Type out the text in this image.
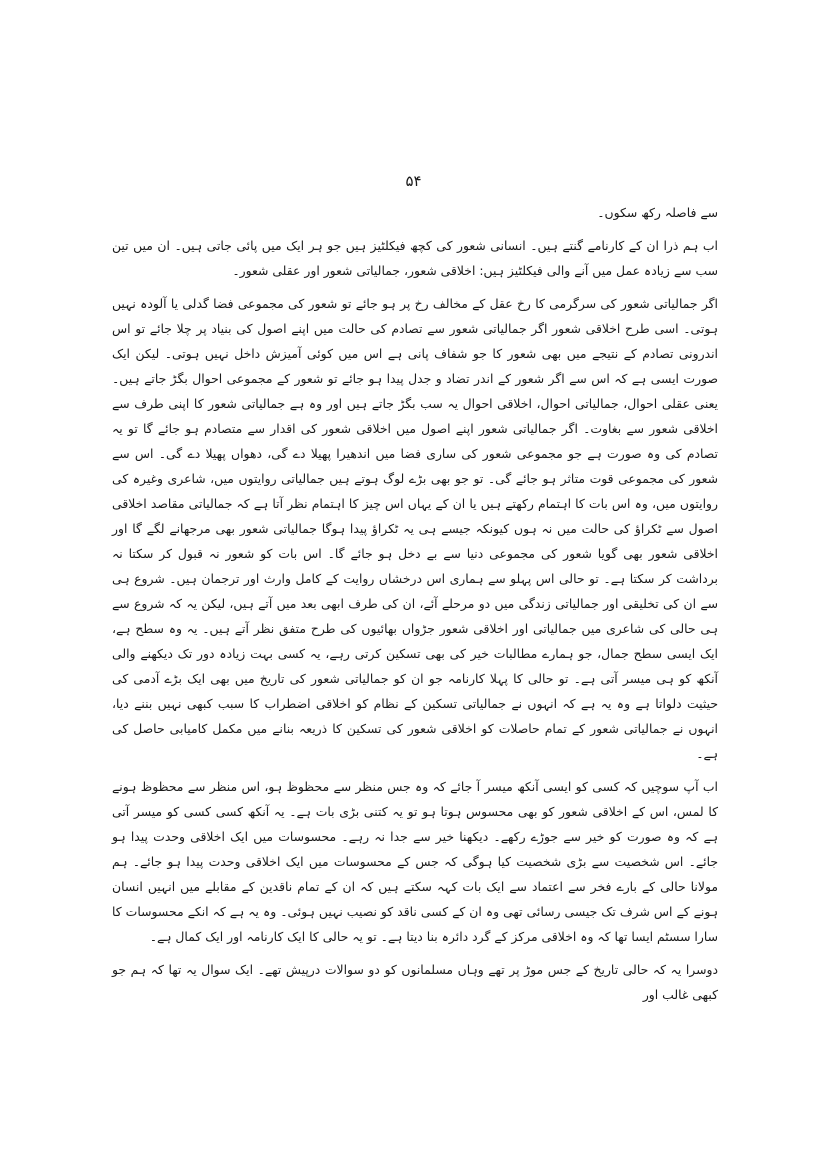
۵۴

سے فاصلہ رکھ سکوں۔

اب ہم ذرا ان کے کارنامے گنتے ہیں۔ انسانی شعور کی کچھ فیکلٹیز ہیں جو ہر ایک میں پائی جاتی ہیں۔ ان میں تین سب سے زیادہ عمل میں آنے والی فیکلٹیز ہیں: اخلاقی شعور، جمالیاتی شعور اور عقلی شعور۔

اگر جمالیاتی شعور کی سرگرمی کا رخ عقل کے مخالف رخ پر ہو جائے تو شعور کی مجموعی فضا گدلی یا آلودہ نہیں ہوتی۔ اسی طرح اخلاقی شعور اگر جمالیاتی شعور سے تصادم کی حالت میں اپنے اصول کی بنیاد پر چلا جائے تو اس اندرونی تصادم کے نتیجے میں بھی شعور کا جو شفاف پانی ہے اس میں کوئی آمیزش داخل نہیں ہوتی۔ لیکن ایک صورت ایسی ہے کہ اس سے اگر شعور کے اندر تضاد و جدل پیدا ہو جائے تو شعور کے مجموعی احوال بگڑ جاتے ہیں۔ یعنی عقلی احوال، جمالیاتی احوال، اخلاقی احوال یہ سب بگڑ جاتے ہیں اور وہ ہے جمالیاتی شعور کا اپنی طرف سے اخلاقی شعور سے بغاوت۔ اگر جمالیاتی شعور اپنے اصول میں اخلاقی شعور کی اقدار سے متصادم ہو جائے گا تو یہ تصادم کی وہ صورت ہے جو مجموعی شعور کی ساری فضا میں اندھیرا پھیلا دے گی، دھواں پھیلا دے گی۔ اس سے شعور کی مجموعی قوت متاثر ہو جائے گی۔ تو جو بھی بڑے لوگ ہوتے ہیں جمالیاتی روایتوں میں، شاعری وغیرہ کی روایتوں میں، وہ اس بات کا اہتمام رکھتے ہیں یا ان کے یہاں اس چیز کا اہتمام نظر آتا ہے کہ جمالیاتی مقاصد اخلاقی اصول سے ٹکراؤ کی حالت میں نہ ہوں کیونکہ جیسے ہی یہ ٹکراؤ پیدا ہوگا جمالیاتی شعور بھی مرجھانے لگے گا اور اخلاقی شعور بھی گویا شعور کی مجموعی دنیا سے بے دخل ہو جائے گا۔ اس بات کو شعور نہ قبول کر سکتا نہ برداشت کر سکتا ہے۔ تو حالی اس پہلو سے ہماری اس درخشاں روایت کے کامل وارث اور ترجمان ہیں۔ شروع ہی سے ان کی تخلیقی اور جمالیاتی زندگی میں دو مرحلے آئے، ان کی طرف ابھی بعد میں آتے ہیں، لیکن یہ کہ شروع سے ہی حالی کی شاعری میں جمالیاتی اور اخلاقی شعور جڑواں بھائیوں کی طرح متفق نظر آتے ہیں۔ یہ وہ سطح ہے، ایک ایسی سطح جمال، جو ہمارے مطالبات خیر کی بھی تسکین کرتی رہے، یہ کسی بہت زیادہ دور تک دیکھنے والی آنکھ کو ہی میسر آتی ہے۔ تو حالی کا پہلا کارنامہ جو ان کو جمالیاتی شعور کی تاریخ میں بھی ایک بڑے آدمی کی حیثیت دلواتا ہے وہ یہ ہے کہ انہوں نے جمالیاتی تسکین کے نظام کو اخلاقی اضطراب کا سبب کبھی نہیں بننے دیا، انہوں نے جمالیاتی شعور کے تمام حاصلات کو اخلاقی شعور کی تسکین کا ذریعہ بنانے میں مکمل کامیابی حاصل کی ہے۔

اب آپ سوچیں کہ کسی کو ایسی آنکھ میسر آ جائے کہ وہ جس منظر سے محظوظ ہو، اس منظر سے محظوظ ہونے کا لمس، اس کے اخلاقی شعور کو بھی محسوس ہوتا ہو تو یہ کتنی بڑی بات ہے۔ یہ آنکھ کسی کسی کو میسر آتی ہے کہ وہ صورت کو خیر سے جوڑے رکھے۔ دیکھنا خیر سے جدا نہ رہے۔ محسوسات میں ایک اخلاقی وحدت پیدا ہو جائے۔ اس شخصیت سے بڑی شخصیت کیا ہوگی کہ جس کے محسوسات میں ایک اخلاقی وحدت پیدا ہو جائے۔ ہم مولانا حالی کے بارے فخر سے اعتماد سے ایک بات کہہ سکتے ہیں کہ ان کے تمام ناقدین کے مقابلے میں انہیں انسان ہونے کے اس شرف تک جیسی رسائی تھی وہ ان کے کسی ناقد کو نصیب نہیں ہوئی۔ وہ یہ ہے کہ انکے محسوسات کا سارا سسٹم ایسا تھا کہ وہ اخلاقی مرکز کے گرد دائرہ بنا دیتا ہے۔ تو یہ حالی کا ایک کارنامہ اور ایک کمال ہے۔

دوسرا یہ کہ حالی تاریخ کے جس موڑ پر تھے وہاں مسلمانوں کو دو سوالات درپیش تھے۔ ایک سوال یہ تھا کہ ہم جو کبھی غالب اور
